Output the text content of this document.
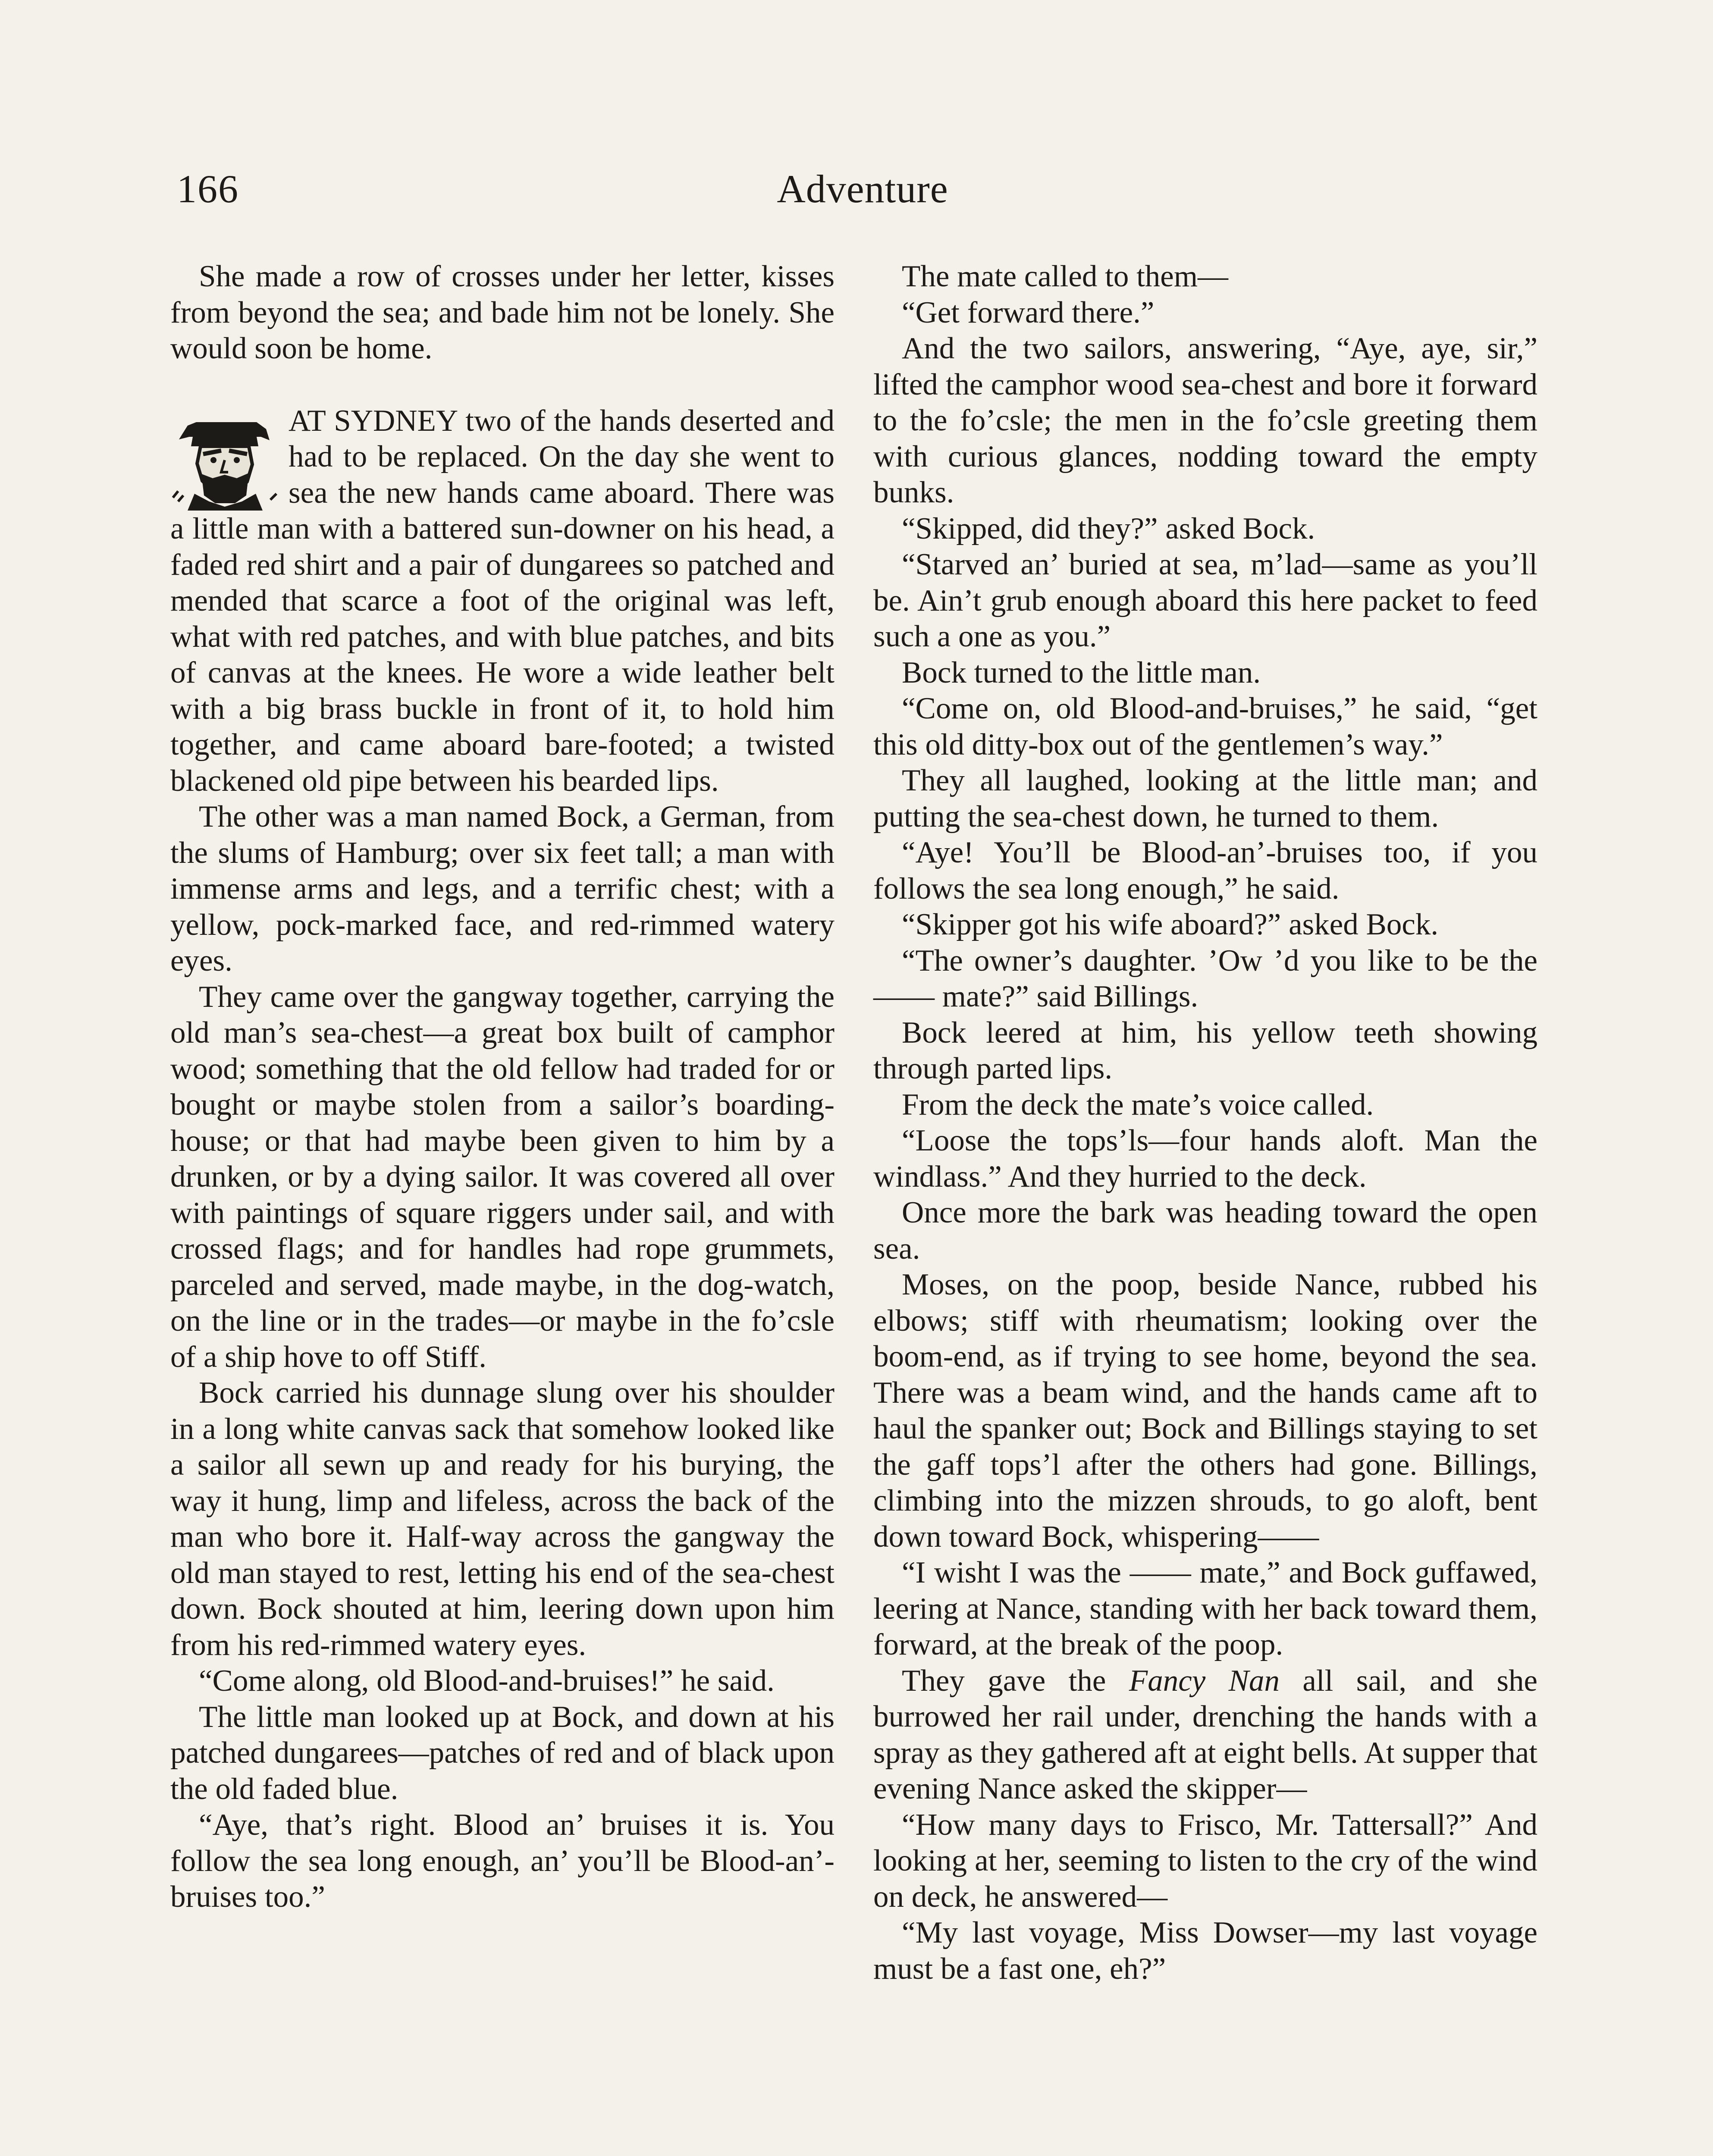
166	Adventure

She made a row of crosses under her letter, kisses from beyond the sea; and bade him not be lonely. She would soon be home.

AT SYDNEY two of the hands deserted and had to be replaced. On the day she went to sea the new hands came aboard. There was a little man with a battered sun-downer on his head, a faded red shirt and a pair of dungarees so patched and mended that scarce a foot of the original was left, what with red patches, and with blue patches, and bits of canvas at the knees. He wore a wide leather belt with a big brass buckle in front of it, to hold him together, and came aboard bare-footed; a twisted blackened old pipe between his bearded lips.

The other was a man named Bock, a German, from the slums of Hamburg; over six feet tall; a man with immense arms and legs, and a terrific chest; with a yellow, pock-marked face, and red-rimmed watery eyes.

They came over the gangway together, carrying the old man’s sea-chest—a great box built of camphor wood; something that the old fellow had traded for or bought or maybe stolen from a sailor’s boarding-house; or that had maybe been given to him by a drunken, or by a dying sailor. It was covered all over with paintings of square riggers under sail, and with crossed flags; and for handles had rope grummets, parceled and served, made maybe, in the dog-watch, on the line or in the trades—or maybe in the fo’csle of a ship hove to off Stiff.

Bock carried his dunnage slung over his shoulder in a long white canvas sack that somehow looked like a sailor all sewn up and ready for his burying, the way it hung, limp and lifeless, across the back of the man who bore it. Half-way across the gangway the old man stayed to rest, letting his end of the sea-chest down. Bock shouted at him, leering down upon him from his red-rimmed watery eyes.

“Come along, old Blood-and-bruises!” he said.

The little man looked up at Bock, and down at his patched dungarees—patches of red and of black upon the old faded blue.

“Aye, that’s right. Blood an’ bruises it is. You follow the sea long enough, an’ you’ll be Blood-an’-bruises too.”

The mate called to them—

“Get forward there.”

And the two sailors, answering, “Aye, aye, sir,” lifted the camphor wood sea-chest and bore it forward to the fo’csle; the men in the fo’csle greeting them with curious glances, nodding toward the empty bunks.

“Skipped, did they?” asked Bock.

“Starved an’ buried at sea, m’lad—same as you’ll be. Ain’t grub enough aboard this here packet to feed such a one as you.”

Bock turned to the little man.

“Come on, old Blood-and-bruises,” he said, “get this old ditty-box out of the gentlemen’s way.”

They all laughed, looking at the little man; and putting the sea-chest down, he turned to them.

“Aye! You’ll be Blood-an’-bruises too, if you follows the sea long enough,” he said.

“Skipper got his wife aboard?” asked Bock.

“The owner’s daughter. ’Ow ’d you like to be the —— mate?” said Billings.

Bock leered at him, his yellow teeth showing through parted lips.

From the deck the mate’s voice called.

“Loose the tops’ls—four hands aloft. Man the windlass.” And they hurried to the deck.

Once more the bark was heading toward the open sea.

Moses, on the poop, beside Nance, rubbed his elbows; stiff with rheumatism; looking over the boom-end, as if trying to see home, beyond the sea. There was a beam wind, and the hands came aft to haul the spanker out; Bock and Billings staying to set the gaff tops’l after the others had gone. Billings, climbing into the mizzen shrouds, to go aloft, bent down toward Bock, whispering——

“I wisht I was the —— mate,” and Bock guffawed, leering at Nance, standing with her back toward them, forward, at the break of the poop.

They gave the Fancy Nan all sail, and she burrowed her rail under, drenching the hands with a spray as they gathered aft at eight bells. At supper that evening Nance asked the skipper—

“How many days to Frisco, Mr. Tattersall?” And looking at her, seeming to listen to the cry of the wind on deck, he answered—

“My last voyage, Miss Dowser—my last voyage must be a fast one, eh?”
